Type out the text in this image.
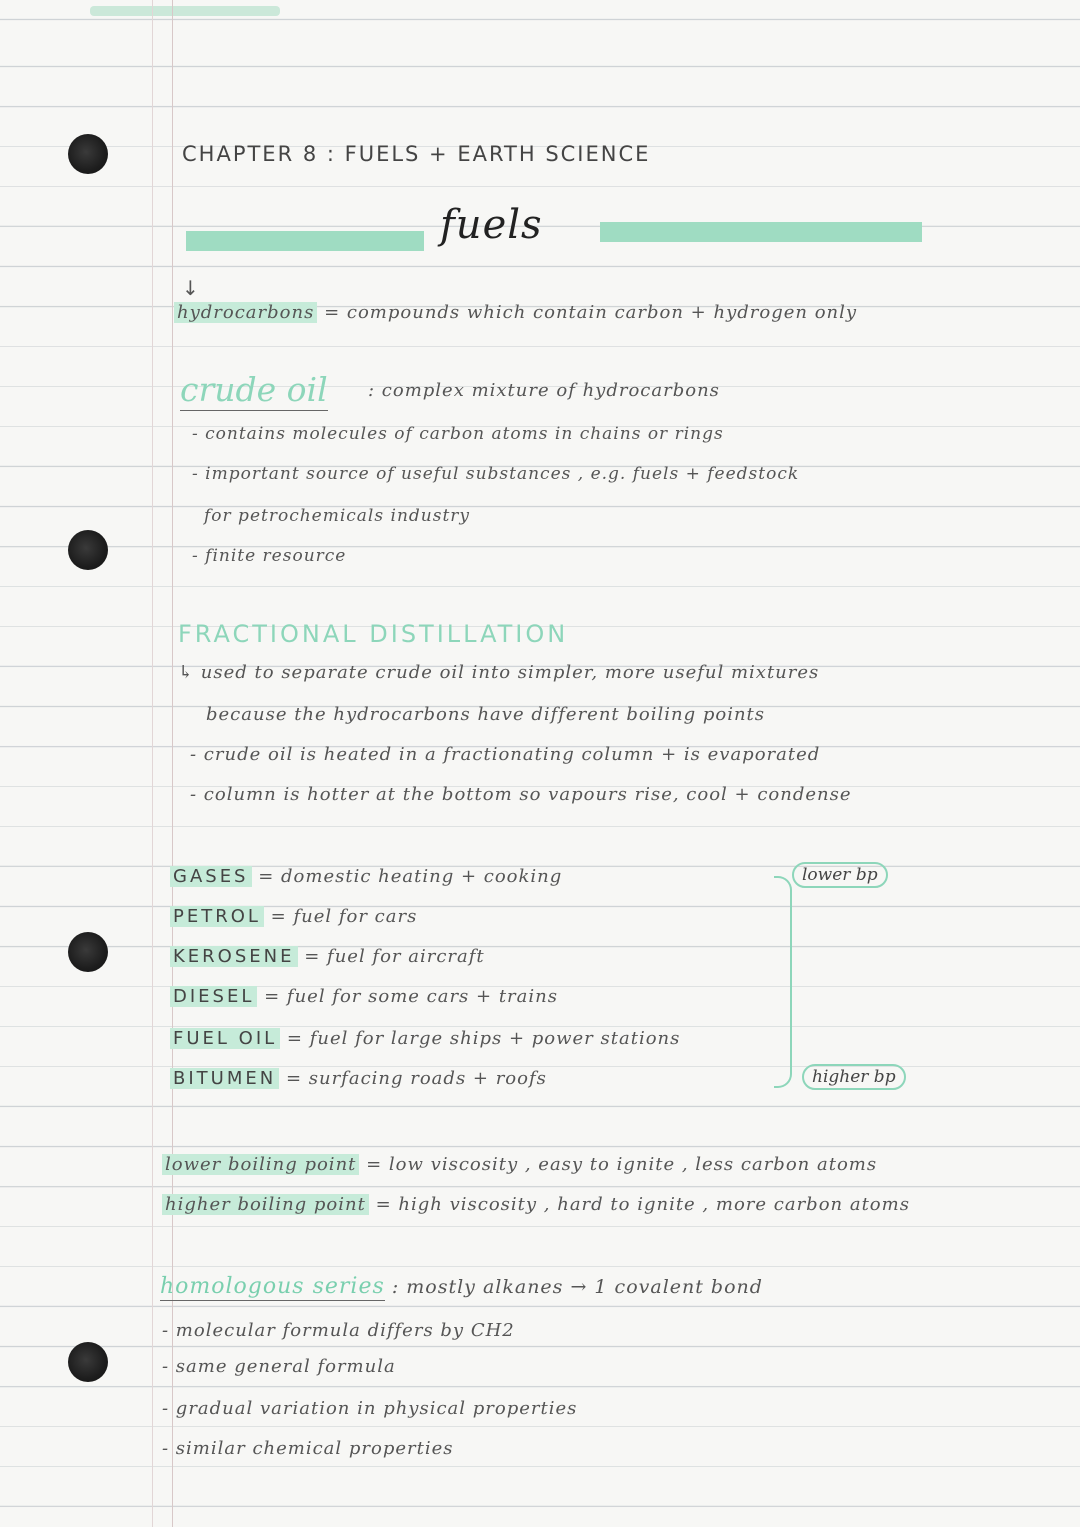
CHAPTER 8 : FUELS + EARTH SCIENCE
fuels
↓
hydrocarbons = compounds which contain carbon + hydrogen only
crude oil : complex mixture of hydrocarbons
- contains molecules of carbon atoms in chains or rings
- important source of useful substances , e.g. fuels + feedstock
for petrochemicals industry
- finite resource
FRACTIONAL DISTILLATION
↳ used to separate crude oil into simpler, more useful mixtures
because the hydrocarbons have different boiling points
- crude oil is heated in a fractionating column + is evaporated
- column is hotter at the bottom so vapours rise, cool + condense
GASES = domestic heating + cooking
PETROL = fuel for cars
KEROSENE = fuel for aircraft
DIESEL = fuel for some cars + trains
FUEL OIL = fuel for large ships + power stations
BITUMEN = surfacing roads + roofs
lower bp
higher bp
lower boiling point = low viscosity , easy to ignite , less carbon atoms
higher boiling point = high viscosity , hard to ignite , more carbon atoms
homologous series : mostly alkanes → 1 covalent bond
- molecular formula differs by CH2
- same general formula
- gradual variation in physical properties
- similar chemical properties
